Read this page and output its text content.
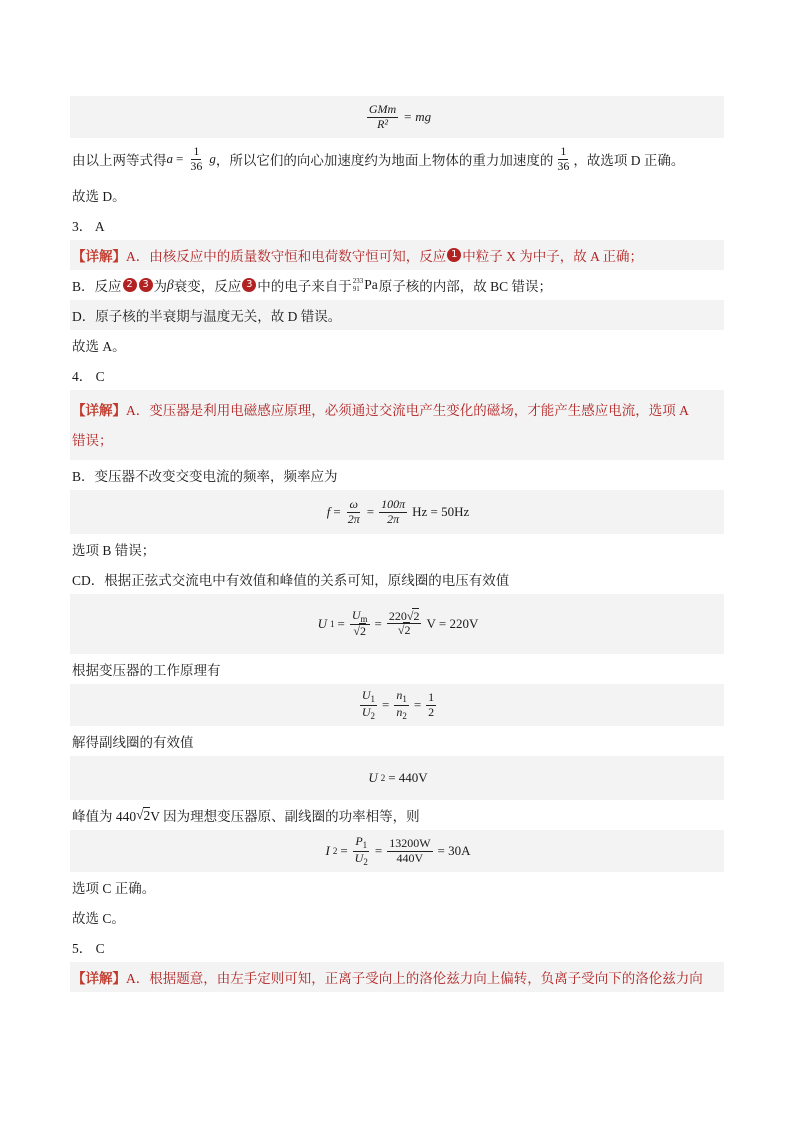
$\frac{\text{GMm}}{\text{R²}}$ = mg
由以上两等式得 $a = \frac{1}{36}$ g ，所以它们的向心加速度约为地面上物体的重力加速度的 $\frac{1}{36}$ ，故选项 D 正确。
故选 D。
3． A
【详解】 A．由核反应中的质量数守恒和电荷数守恒可知，反应 1 中粒子 X 为中子，故 A 正确；
B．反应 2 3 为 β 衰变，反应 3 中的电子来自于 233
91 Pa 原子核的内部，故 BC 错误；
D．原子核的半衰期与温度无关，故 D 错误。
故选 A。
4． C
【详解】A．变压器是利用电磁感应原理，必须通过交流电产生变化的磁场，才能产生感应电流，选项 A
错误；
B．变压器不改变交变电流的频率，频率应为
$f = \frac{\omega}{2\pi} = \frac{100\pi}{2\pi}$ Hz = 50Hz
选项 B 错误；
CD．根据正弦式交流电中有效值和峰值的关系可知，原线圈的电压有效值
U $1 = \frac{U_m}{√2} = \frac{220√2}{√2}$ V = 220V
根据变压器的工作原理有
$\frac{U_1}{U_2} = \frac{n_1}{n_2} = \frac{1}{2}$
解得副线圈的有效值
U 2 = 440V
峰值为 440 √ 2 V 因为理想变压器原、副线圈的功率相等，则
I $2 = \frac{P_1}{U_2} = \frac{13200W}{440V} = 30A$
选项 C 正确。
故选 C。
5． C
【详解】 A．根据题意，由左手定则可知，正离子受向上的洛伦兹力向上偏转，负离子受向下的洛伦兹力向
